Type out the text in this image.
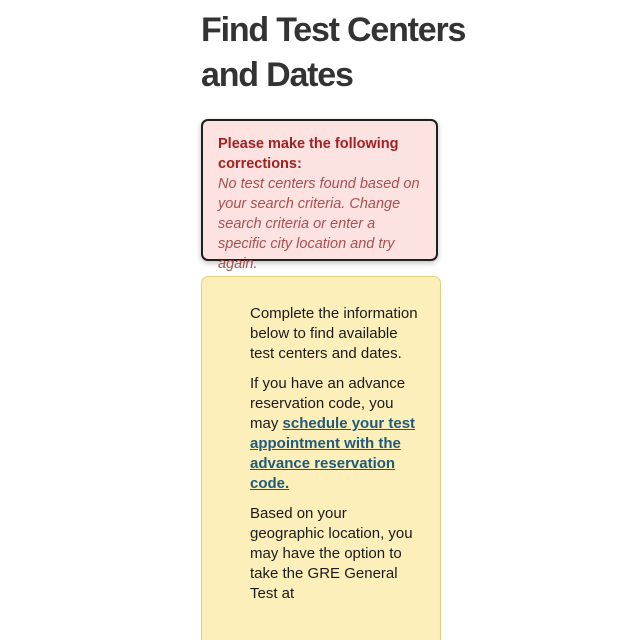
Find Test Centers and Dates

Please make the following corrections:

No test centers found based on your search criteria. Change search criteria or enter a specific city location and try again.

Complete the information below to find available test centers and dates.

If you have an advance reservation code, you may schedule your test appointment with the advance reservation code.

Based on your geographic location, you may have the option to take the GRE General Test at
